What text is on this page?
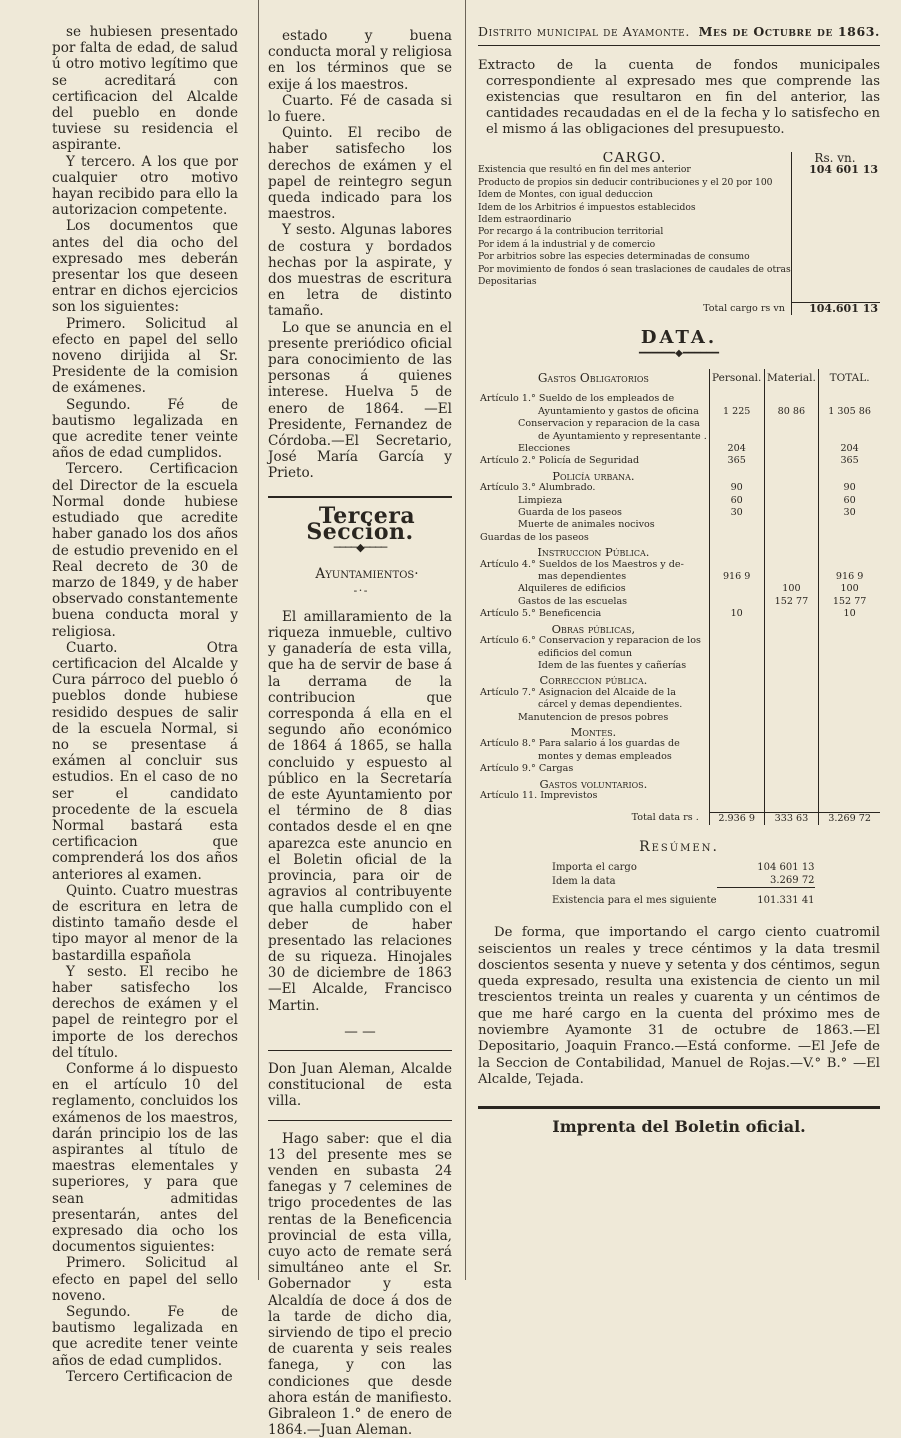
se hubiesen presentado por falta de edad, de salud ú otro motivo legítimo que se acreditará con certificacion del Alcalde del pueblo en donde tuviese su residencia el aspirante.

Y tercero. A los que por cualquier otro motivo hayan recibido para ello la autorizacion competente.

Los documentos que antes del dia ocho del expresado mes deberán presentar los que deseen entrar en dichos ejercicios son los siguientes:

Primero. Solicitud al efecto en papel del sello noveno dirijida al Sr. Presidente de la comision de exámenes.

Segundo. Fé de bautismo legalizada en que acredite tener veinte años de edad cumplidos.

Tercero. Certificacion del Director de la escuela Normal donde hubiese estudiado que acredite haber ganado los dos años de estudio prevenido en el Real decreto de 30 de marzo de 1849, y de haber observado constantemente buena conducta moral y religiosa.

Cuarto. Otra certificacion del Alcalde y Cura párroco del pueblo ó pueblos donde hubiese residido despues de salir de la escuela Normal, si no se presentase á exámen al concluir sus estudios. En el caso de no ser el candidato procedente de la escuela Normal bastará esta certificacion que comprenderá los dos años anteriores al examen.

Quinto. Cuatro muestras de escritura en letra de distinto tamaño desde el tipo mayor al menor de la bastardilla española

Y sesto. El recibo he haber satisfecho los derechos de exámen y el papel de reintegro por el importe de los derechos del título.

Conforme á lo dispuesto en el artículo 10 del reglamento, concluidos los exámenos de los maestros, darán principio los de las aspirantes al título de maestras elementales y superiores, y para que sean admitidas presentarán, antes del expresado dia ocho los documentos siguientes:

Primero. Solicitud al efecto en papel del sello noveno.

Segundo. Fe de bautismo legalizada en que acredite tener veinte años de edad cumplidos.

Tercero Certificacion de

estado y buena conducta moral y religiosa en los términos que se exije á los maestros.

Cuarto. Fé de casada si lo fuere.

Quinto. El recibo de haber satisfecho los derechos de exámen y el papel de reintegro segun queda indicado para los maestros.

Y sesto. Algunas labores de costura y bordados hechas por la aspirate, y dos muestras de escritura en letra de distinto tamaño.

Lo que se anuncia en el presente preriódico oficial para conocimiento de las personas á quienes interese. Huelva 5 de enero de 1864. —El Presidente, Fernandez de Córdoba.—El Secretario, José María García y Prieto.

Tercera Seccion.

────◆────

Ayuntamientos·

- · -

El amillaramiento de la riqueza inmueble, cultivo y ganadería de esta villa, que ha de servir de base á la derrama de la contribucion que corresponda á ella en el segundo año económico de 1864 á 1865, se halla concluido y espuesto al público en la Secretaría de este Ayuntamiento por el término de 8 dias contados desde el en qne aparezca este anuncio en el Boletin oficial de la provincia, para oir de agravios al contribuyente que halla cumplido con el deber de haber presentado las relaciones de su riqueza. Hinojales 30 de diciembre de 1863 —El Alcalde, Francisco Martin.

— —

Don Juan Aleman, Alcalde constitucional de esta villa.

Hago saber: que el dia 13 del presente mes se venden en subasta 24 fanegas y 7 celemines de trigo procedentes de las rentas de la Beneficencia provincial de esta villa, cuyo acto de remate será simultáneo ante el Sr. Gobernador y esta Alcaldía de doce á dos de la tarde de dicho dia, sirviendo de tipo el precio de cuarenta y seis reales fanega, y con las condiciones que desde ahora están de manifiesto. Gibraleon 1.° de enero de 1864.—Juan Aleman.

Distrito municipal de Ayamonte. Mes de Octubre de 1863.

Extracto de la cuenta de fondos municipales correspondiente al expresado mes que comprende las existencias que resultaron en fin del anterior, las cantidades recaudadas en el de la fecha y lo satisfecho en el mismo á las obligaciones del presupuesto.

CARGO.	Rs. vn.
Existencia que resultó en fin del mes anterior	104 601 13
Producto de propios sin deducir contribuciones y el 20 por 100	
Idem de Montes, con igual deduccion	
Idem de los Arbitrios é impuestos establecidos	
Idem estraordinario	
Por recargo á la contribucion territorial	
Por idem á la industrial y de comercio	
Por arbitrios sobre las especies determinadas de consumo	
Por movimiento de fondos ó sean traslaciones de caudales de otras	
Depositarias	

Total cargo rs vn	104.601 13
DATA.
━━━━━━◆━━━━━━
Gastos Obligatorios	Personal.	Material.	TOTAL.
Artículo 1.° Sueldo de los empleados de			
Ayuntamiento y gastos de oficina	1 225	80 86	1 305 86
Conservacion y reparacion de la casa			
de Ayuntamiento y representante .			
Elecciones	204		204
Artículo 2.° Policía de Seguridad	365		365
Policía urbana.			
Artículo 3.° Alumbrado.	90		90
Limpieza	60		60
Guarda de los paseos	30		30
Muerte de animales nocivos			
Guardas de los paseos			
Instruccion Pública.			
Artículo 4.° Sueldos de los Maestros y de-			
mas dependientes	916 9		916 9
Alquileres de edificios		100	100
Gastos de las escuelas		152 77	152 77
Artículo 5.° Beneficencia	10		10
Obras públicas,			
Artículo 6.° Conservacion y reparacion de los			
edificios del comun			
Idem de las fuentes y cañerías			
Correccion pública.			
Artículo 7.° Asignacion del Alcaide de la			
cárcel y demas dependientes.			
Manutencion de presos pobres			
Montes.			
Artículo 8.° Para salario á los guardas de			
montes y demas empleados			
Artículo 9.° Cargas			
Gastos voluntarios.			
Artículo 11. Imprevistos			

Total data rs .	2.936 9	333 63	3.269 72
Resúmen.
Importa el cargo	104 601 13
Idem la data	3.269 72
Existencia para el mes siguiente	101.331 41

De forma, que importando el cargo ciento cuatromil seiscientos un reales y trece céntimos y la data tresmil doscientos sesenta y nueve y setenta y dos céntimos, segun queda expresado, resulta una existencia de ciento un mil trescientos treinta un reales y cuarenta y un céntimos de que me haré cargo en la cuenta del próximo mes de noviembre Ayamonte 31 de octubre de 1863.—El Depositario, Joaquin Franco.—Está conforme. —El Jefe de la Seccion de Contabilidad, Manuel de Rojas.—V.° B.° —El Alcalde, Tejada.

Imprenta del Boletin oficial.
